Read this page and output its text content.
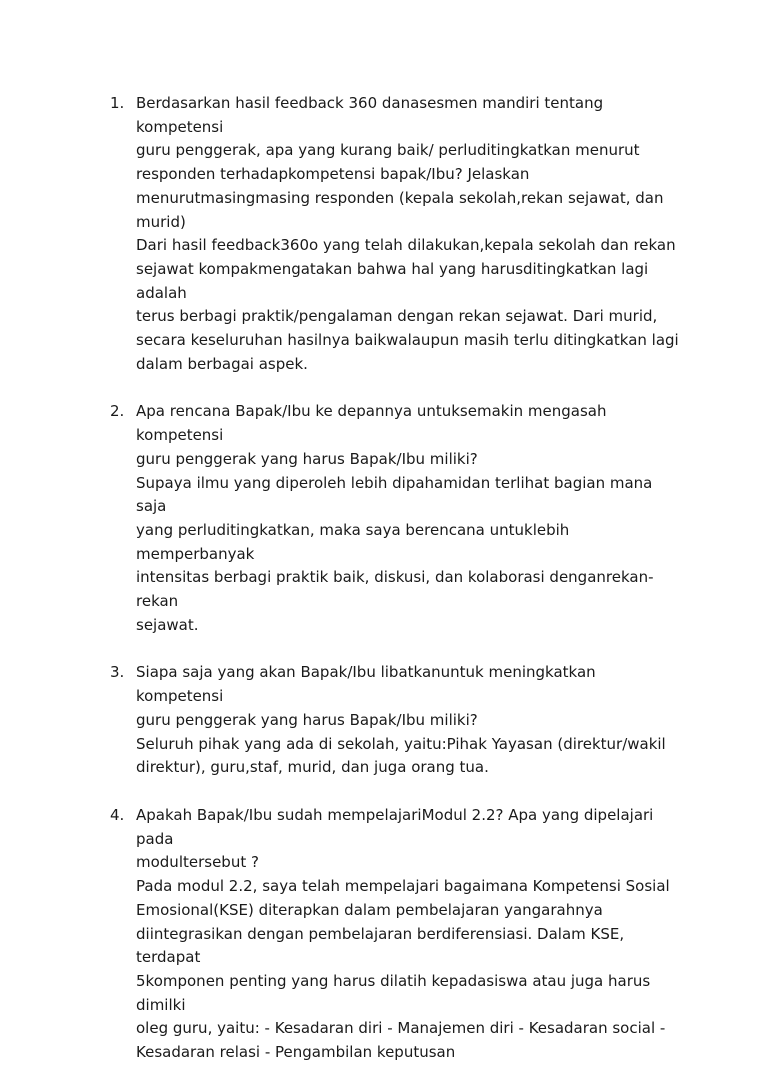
1. Berdasarkan hasil feedback 360 danasesmen mandiri tentang kompetensi
guru penggerak, apa yang kurang baik/ perluditingkatkan menurut
responden terhadapkompetensi bapak/Ibu? Jelaskan
menurutmasingmasing responden (kepala sekolah,rekan sejawat, dan
murid)
Dari hasil feedback360o yang telah dilakukan,kepala sekolah dan rekan
sejawat kompakmengatakan bahwa hal yang harusditingkatkan lagi adalah
terus berbagi praktik/pengalaman dengan rekan sejawat. Dari murid,
secara keseluruhan hasilnya baikwalaupun masih terlu ditingkatkan lagi
dalam berbagai aspek.
2. Apa rencana Bapak/Ibu ke depannya untuksemakin mengasah kompetensi
guru penggerak yang harus Bapak/Ibu miliki?
Supaya ilmu yang diperoleh lebih dipahamidan terlihat bagian mana saja
yang perluditingkatkan, maka saya berencana untuklebih memperbanyak
intensitas berbagi praktik baik, diskusi, dan kolaborasi denganrekan-rekan
sejawat.
3. Siapa saja yang akan Bapak/Ibu libatkanuntuk meningkatkan kompetensi
guru penggerak yang harus Bapak/Ibu miliki?
Seluruh pihak yang ada di sekolah, yaitu:Pihak Yayasan (direktur/wakil
direktur), guru,staf, murid, dan juga orang tua.
4. Apakah Bapak/Ibu sudah mempelajariModul 2.2? Apa yang dipelajari pada
modultersebut ?
Pada modul 2.2, saya telah mempelajari bagaimana Kompetensi Sosial
Emosional(KSE) diterapkan dalam pembelajaran yangarahnya
diintegrasikan dengan pembelajaran berdiferensiasi. Dalam KSE, terdapat
5komponen penting yang harus dilatih kepadasiswa atau juga harus dimilki
oleg guru, yaitu: - Kesadaran diri - Manajemen diri - Kesadaran social -
Kesadaran relasi - Pengambilan keputusan
